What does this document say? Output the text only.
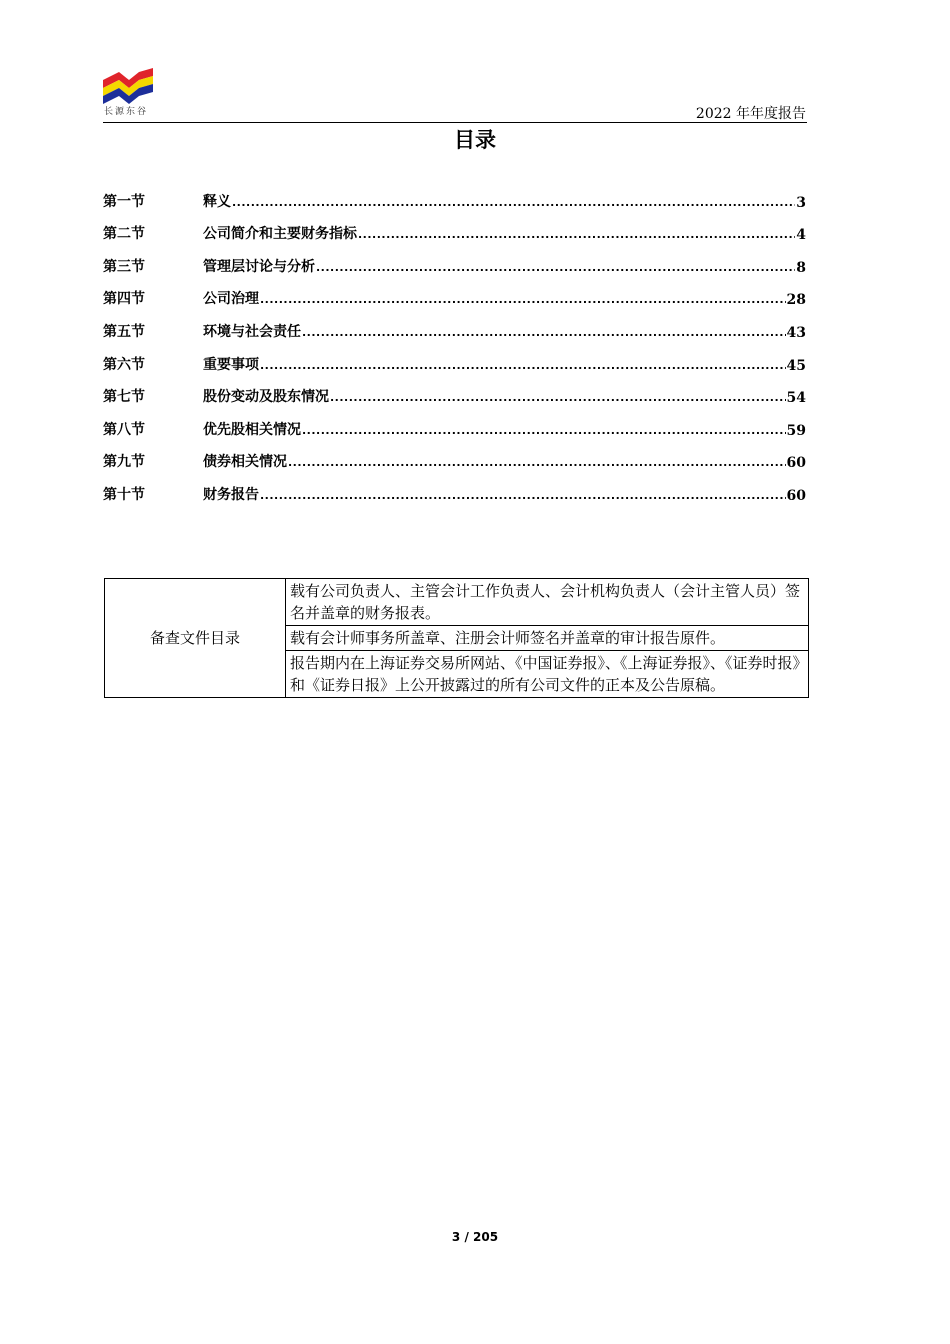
长源东谷	2022 年年度报告
目录
第一节	释义 .....	3
第二节	公司简介和主要财务指标 .....	4
第三节	管理层讨论与分析 .....	8
第四节	公司治理 .....	28
第五节	环境与社会责任 .....	43
第六节	重要事项 .....	45
第七节	股份变动及股东情况 .....	54
第八节	优先股相关情况 .....	59
第九节	债券相关情况 .....	60
第十节	财务报告 .....	60
备查文件目录	载有公司负责人、主管会计工作负责人、会计机构负责人（会计主管人员）签名并盖章的财务报表。
载有会计师事务所盖章、注册会计师签名并盖章的审计报告原件。
报告期内在上海证券交易所网站、《中国证券报》、《上海证券报》、《证券时报》和《证券日报》上公开披露过的所有公司文件的正本及公告原稿。
3 / 205
